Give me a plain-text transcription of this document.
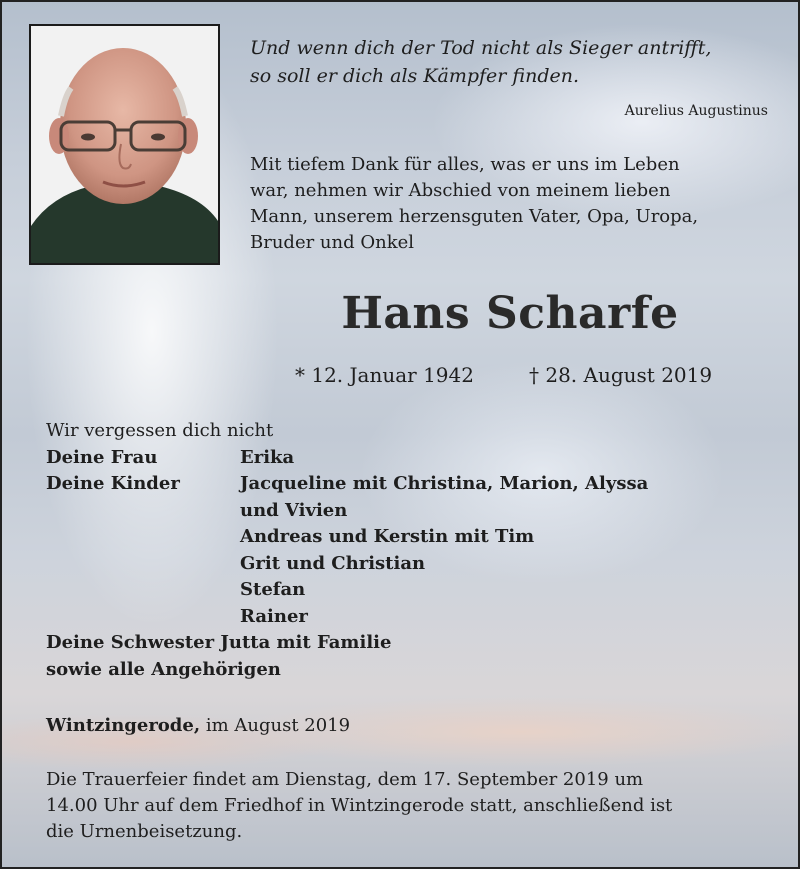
Und wenn dich der Tod nicht als Sieger antrifft,
so soll er dich als Kämpfer finden.
Aurelius Augustinus
Mit tiefem Dank für alles, was er uns im Leben
war, nehmen wir Abschied von meinem lieben
Mann, unserem herzensguten Vater, Opa, Uropa,
Bruder und Onkel
Hans Scharfe
* 12. Januar 1942	† 28. August 2019
Wir vergessen dich nicht
Deine Frau	Erika
Deine Kinder	Jacqueline mit Christina, Marion, Alyssa
und Vivien
Andreas und Kerstin mit Tim
Grit und Christian
Stefan
Rainer
Deine Schwester Jutta mit Familie
sowie alle Angehörigen
Wintzingerode, im August 2019
Die Trauerfeier findet am Dienstag, dem 17. September 2019 um
14.00 Uhr auf dem Friedhof in Wintzingerode statt, anschließend ist
die Urnenbeisetzung.
